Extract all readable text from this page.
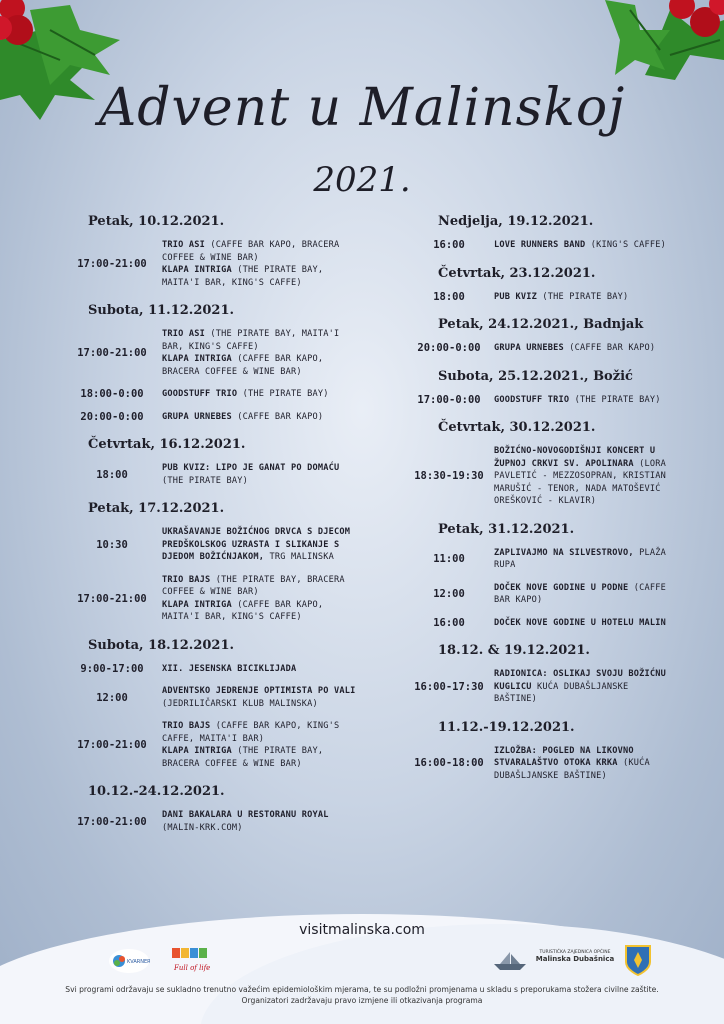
Advent u Malinskoj
2021.
Petak, 10.12.2021.
17:00-21:00
TRIO ASI (CAFFE BAR KAPO, BRACERA COFFEE & WINE BAR)
KLAPA INTRIGA (THE PIRATE BAY, MAITA'I BAR, KING'S CAFFE)
Subota, 11.12.2021.
17:00-21:00
TRIO ASI (THE PIRATE BAY, MAITA'I BAR, KING'S CAFFE)
KLAPA INTRIGA (CAFFE BAR KAPO, BRACERA COFFEE & WINE BAR)
18:00-0:00	GOODSTUFF TRIO (THE PIRATE BAY)
20:00-0:00	GRUPA URNEBES (CAFFE BAR KAPO)
Četvrtak, 16.12.2021.
18:00
PUB KVIZ: LIPO JE GANAT PO DOMAĆU (THE PIRATE BAY)
Petak, 17.12.2021.
10:30
UKRAŠAVANJE BOŽIĆNOG DRVCA S DJECOM PREDŠKOLSKOG UZRASTA I SLIKANJE S DJEDOM BOŽIĆNJAKOM, TRG MALINSKA
17:00-21:00
TRIO BAJS (THE PIRATE BAY, BRACERA COFFEE & WINE BAR)
KLAPA INTRIGA (CAFFE BAR KAPO, MAITA'I BAR, KING'S CAFFE)
Subota, 18.12.2021.
9:00-17:00	XII. JESENSKA BICIKLIJADA
12:00
ADVENTSKO JEDRENJE OPTIMISTA PO VALI (JEDRILIČARSKI KLUB MALINSKA)
17:00-21:00
TRIO BAJS (CAFFE BAR KAPO, KING'S CAFFE, MAITA'I BAR)
KLAPA INTRIGA (THE PIRATE BAY, BRACERA COFFEE & WINE BAR)
10.12.-24.12.2021.
17:00-21:00
DANI BAKALARA U RESTORANU ROYAL (MALIN-KRK.COM)
Nedjelja, 19.12.2021.
16:00	LOVE RUNNERS BAND (KING'S CAFFE)
Četvrtak, 23.12.2021.
18:00	PUB KVIZ (THE PIRATE BAY)
Petak, 24.12.2021., Badnjak
20:00-0:00	GRUPA URNEBES (CAFFE BAR KAPO)
Subota, 25.12.2021., Božić
17:00-0:00	GOODSTUFF TRIO (THE PIRATE BAY)
Četvrtak, 30.12.2021.
18:30-19:30
BOŽIĆNO-NOVOGODIŠNJI KONCERT U ŽUPNOJ CRKVI SV. APOLINARA (LORA PAVLETIĆ - MEZZOSOPRAN, KRISTIAN MARUŠIĆ - TENOR, NADA MATOŠEVIĆ OREŠKOVIĆ - KLAVIR)
Petak, 31.12.2021.
11:00
ZAPLIVAJMO NA SILVESTROVO, PLAŽA RUPA
12:00
DOČEK NOVE GODINE U PODNE (CAFFE BAR KAPO)
16:00	DOČEK NOVE GODINE U HOTELU MALIN
18.12. & 19.12.2021.
16:00-17:30
RADIONICA: OSLIKAJ SVOJU BOŽIĆNU KUGLICU KUĆA DUBAŠLJANSKE BAŠTINE)
11.12.-19.12.2021.
16:00-18:00
IZLOŽBA: POGLED NA LIKOVNO STVARALAŠTVO OTOKA KRKA (KUĆA DUBAŠLJANSKE BAŠTINE)
visitmalinska.com
KVARNER
Full of life
TURISTIČKA ZAJEDNICA OPĆINE
Malinska Dubašnica
Svi programi održavaju se sukladno trenutno važećim epidemiološkim mjerama, te su podložni promjenama u skladu s preporukama stožera civilne zaštite.
Organizatori zadržavaju pravo izmjene ili otkazivanja programa
